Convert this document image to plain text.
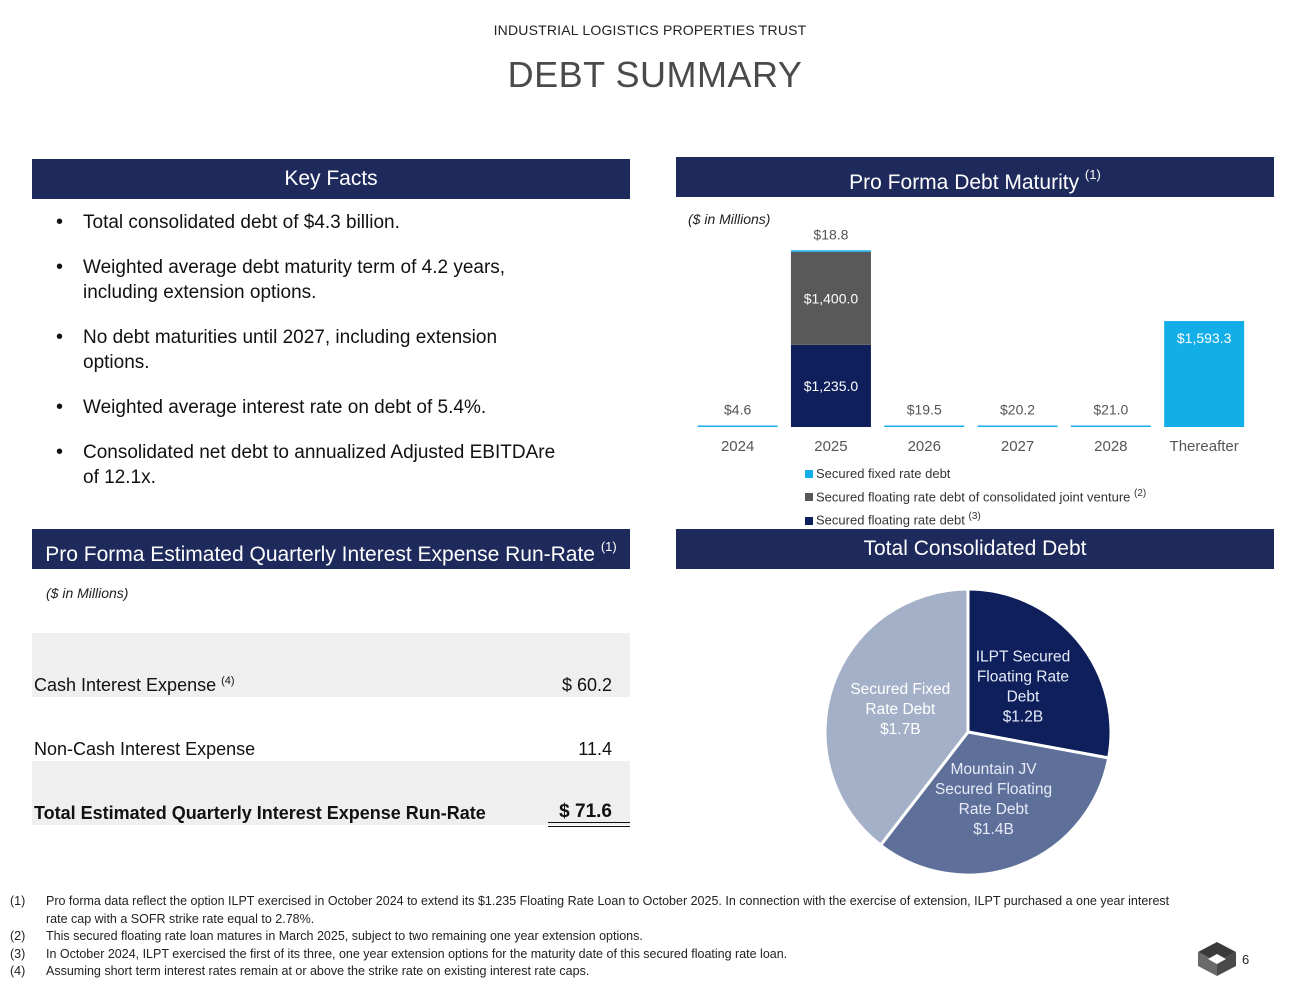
INDUSTRIAL LOGISTICS PROPERTIES TRUST
DEBT SUMMARY
Key Facts
• Total consolidated debt of $4.3 billion.
• Weighted average debt maturity term of 4.2 years, including extension options.
• No debt maturities until 2027, including extension options.
• Weighted average interest rate on debt of 5.4%.
• Consolidated net debt to annualized Adjusted EBITDAre of 12.1x.
Pro Forma Debt Maturity $^{(1)}$
($ in Millions)
$4.6
$1,235.0
$1,400.0
$18.8
$19.5	$20.2	$21.0
$1,593.3
2024	2025	2026	2027	2028	Thereafter
Secured fixed rate debt
Secured floating rate debt of consolidated joint venture $^{(2)}$
Secured floating rate debt $^{(3)}$
Pro Forma Estimated Quarterly Interest Expense Run-Rate $^{(1)}$
($ in Millions)
Cash Interest Expense $^{(4)}$	$ 60.2
Non-Cash Interest Expense	11.4
Total Estimated Quarterly Interest Expense Run-Rate	$ 71.6
Total Consolidated Debt
ILPT Secured Floating Rate Debt $1.2B
Mountain JV Secured Floating Rate Debt $1.4B
Secured Fixed Rate Debt $1.7B
(1) Pro forma data reflect the option ILPT exercised in October 2024 to extend its $1.235 Floating Rate Loan to October 2025. In connection with the exercise of extension, ILPT purchased a one year interest rate cap with a SOFR strike rate equal to 2.78%.
(2) This secured floating rate loan matures in March 2025, subject to two remaining one year extension options.
(3) In October 2024, ILPT exercised the first of its three, one year extension options for the maturity date of this secured floating rate loan.
(4) Assuming short term interest rates remain at or above the strike rate on existing interest rate caps.
6
